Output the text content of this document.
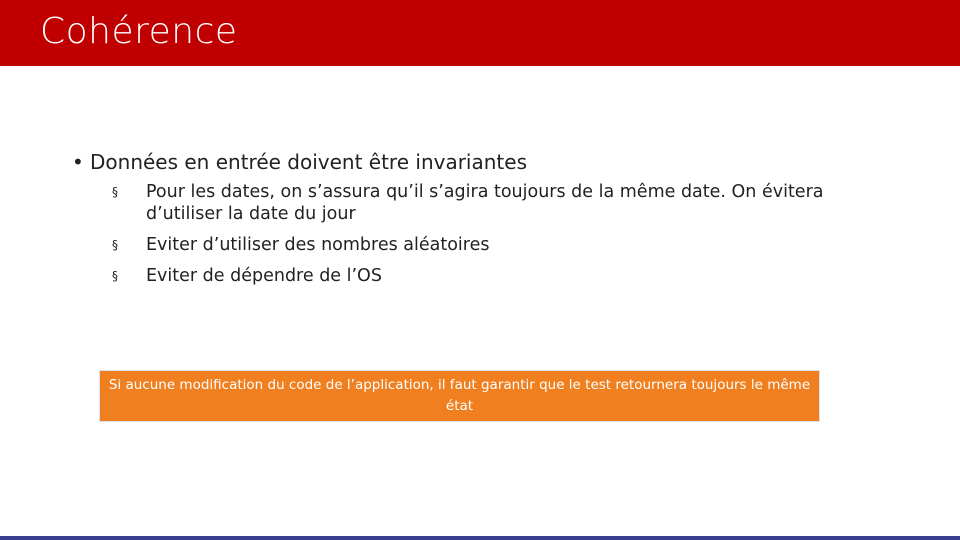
Cohérence
• Données en entrée doivent être invariantes
§ Pour les dates, on s’assura qu’il s’agira toujours de la même date. On évitera d’utiliser la date du jour
§ Eviter d’utiliser des nombres aléatoires
§ Eviter de dépendre de l’OS
Si aucune modification du code de l’application, il faut garantir que le test retournera toujours le même état
